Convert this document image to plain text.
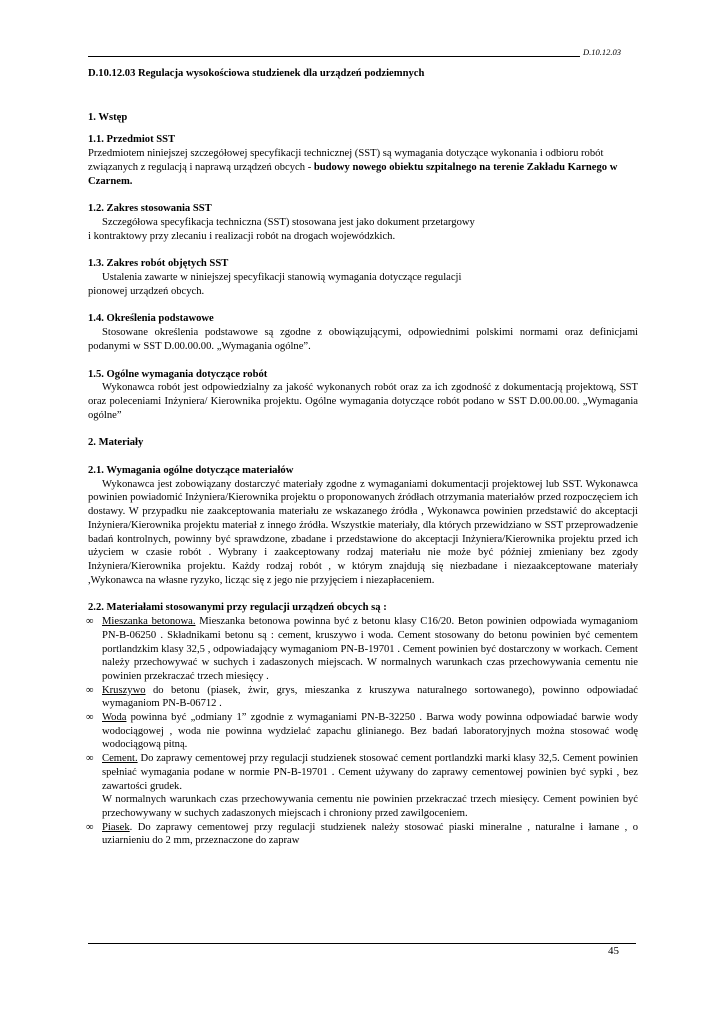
D.10.12.03

D.10.12.03 Regulacja wysokościowa studzienek dla urządzeń podziemnych

1. Wstęp

1.1. Przedmiot SST

Przedmiotem niniejszej szczegółowej specyfikacji technicznej (SST) są wymagania dotyczące wykonania i odbioru robót związanych z regulacją i naprawą urządzeń obcych - budowy nowego obiektu szpitalnego na terenie Zakładu Karnego w Czarnem.

1.2. Zakres stosowania SST

Szczegółowa specyfikacja techniczna (SST) stosowana jest jako dokument przetargowy

i kontraktowy przy zlecaniu i realizacji robót na drogach wojewódzkich.

1.3. Zakres robót objętych SST

Ustalenia zawarte w niniejszej specyfikacji stanowią wymagania dotyczące regulacji

pionowej urządzeń obcych.

1.4. Określenia podstawowe

Stosowane określenia podstawowe są zgodne z obowiązującymi, odpowiednimi polskimi normami oraz definicjami podanymi w SST D.00.00.00. „Wymagania ogólne”.

1.5. Ogólne wymagania dotyczące robót

Wykonawca robót jest odpowiedzialny za jakość wykonanych robót oraz za ich zgodność z dokumentacją projektową, SST oraz poleceniami Inżyniera/ Kierownika projektu. Ogólne wymagania dotyczące robót podano w SST D.00.00.00. „Wymagania ogólne”

2. Materiały

2.1. Wymagania ogólne dotyczące materiałów

Wykonawca jest zobowiązany dostarczyć materiały zgodne z wymaganiami dokumentacji projektowej lub SST. Wykonawca powinien powiadomić Inżyniera/Kierownika projektu o proponowanych źródłach otrzymania materiałów przed rozpoczęciem ich dostawy. W przypadku nie zaakceptowania materiału ze wskazanego źródła , Wykonawca powinien przedstawić do akceptacji Inżyniera/Kierownika projektu materiał z innego źródła. Wszystkie materiały, dla których przewidziano w SST przeprowadzenie badań kontrolnych, powinny być sprawdzone, zbadane i przedstawione do akceptacji Inżyniera/Kierownika projektu przed ich użyciem w czasie robót . Wybrany i zaakceptowany rodzaj materiału nie może być później zmieniany bez zgody Inżyniera/Kierownika projektu. Każdy rodzaj robót , w którym znajdują się niezbadane i niezaakceptowane materiały ,Wykonawca na własne ryzyko, licząc się z jego nie przyjęciem i niezapłaceniem.

2.2. Materiałami stosowanymi przy regulacji urządzeń obcych są :

∞ Mieszanka betonowa. Mieszanka betonowa powinna być z betonu klasy C16/20. Beton powinien odpowiada wymaganiom PN-B-06250 . Składnikami betonu są : cement, kruszywo i woda. Cement stosowany do betonu powinien być cementem portlandzkim klasy 32,5 , odpowiadający wymaganiom PN-B-19701 . Cement powinien być dostarczony w workach. Cement należy przechowywać w suchych i zadaszonych miejscach. W normalnych warunkach czas przechowywania cementu nie powinien przekraczać trzech miesięcy .
∞ Kruszywo do betonu (piasek, żwir, grys, mieszanka z kruszywa naturalnego sortowanego), powinno odpowiadać wymaganiom PN-B-06712 .
∞ Woda powinna być „odmiany 1” zgodnie z wymaganiami PN-B-32250 . Barwa wody powinna odpowiadać barwie wody wodociągowej , woda nie powinna wydzielać zapachu glinianego. Bez badań laboratoryjnych można stosować wodę wodociągową pitną.
∞ Cement. Do zaprawy cementowej przy regulacji studzienek stosować cement portlandzki marki klasy 32,5. Cement powinien spełniać wymagania podane w normie PN-B-19701 . Cement używany do zaprawy cementowej powinien być sypki , bez zawartości grudek.
W normalnych warunkach czas przechowywania cementu nie powinien przekraczać trzech miesięcy. Cement powinien być przechowywany w suchych zadaszonych miejscach i chroniony przed zawilgoceniem.
∞ Piasek. Do zaprawy cementowej przy regulacji studzienek należy stosować piaski mineralne , naturalne i łamane , o uziarnieniu do 2 mm, przeznaczone do zapraw
45
